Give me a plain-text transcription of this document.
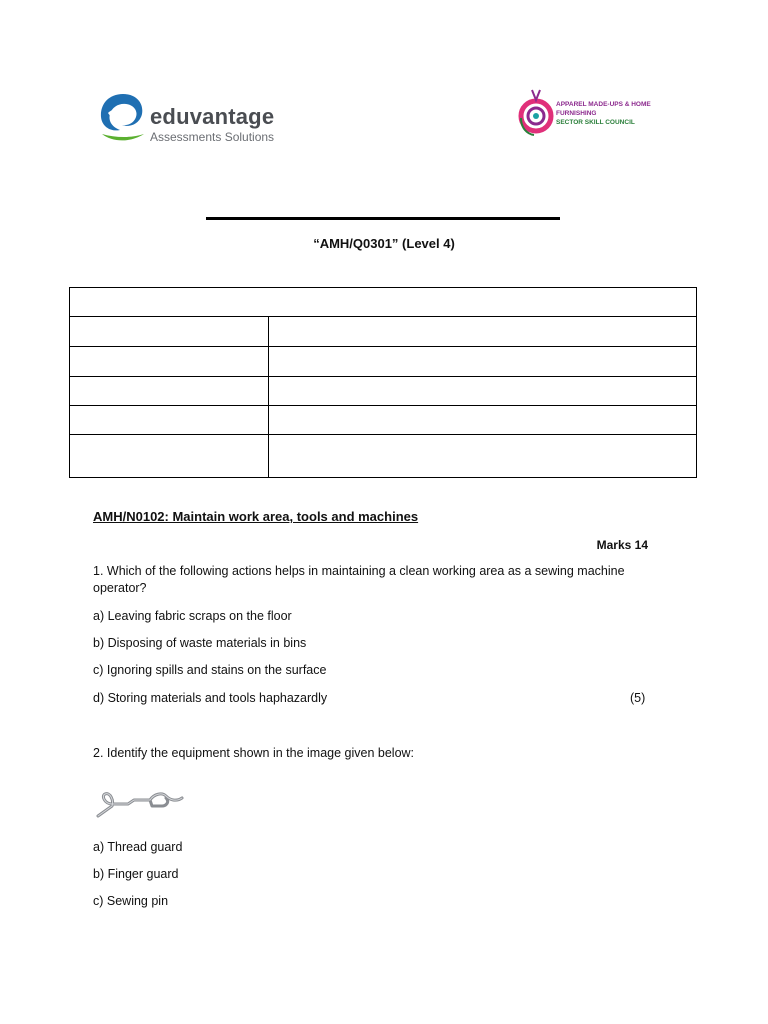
eduvantage
Assessments Solutions
APPAREL MADE-UPS & HOME FURNISHING
SECTOR SKILL COUNCIL
“AMH/Q0301” (Level 4)

AMH/N0102: Maintain work area, tools and machines
Marks 14
1. Which of the following actions helps in maintaining a clean working area as a sewing machine operator?
a) Leaving fabric scraps on the floor
b) Disposing of waste materials in bins
c) Ignoring spills and stains on the surface
d) Storing materials and tools haphazardly	(5)
2. Identify the equipment shown in the image given below:
a) Thread guard
b) Finger guard
c) Sewing pin
